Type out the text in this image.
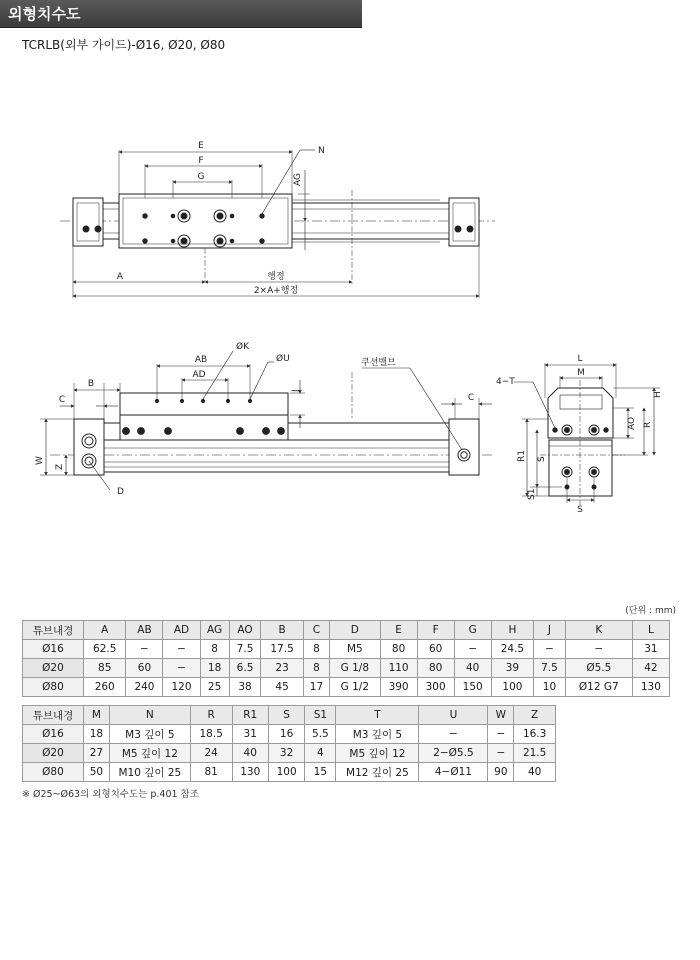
외형치수도
TCRLB(외부 가이드)-Ø16, Ø20, Ø80
E
F
G
N
AG
A	행정
2×A+행정
AB
AD
ØK
ØU
B
C	C
J
W
Z
D
쿠션밸브	L
M
4−T
H
AO R
R1 S
S1
S
(단위 : mm)
튜브내경	A	AB	AD	AG	AO	B	C	D	E	F	G	H	J	K	L
Ø16	62.5	−	−	8	7.5	17.5	8	M5	80	60	−	24.5	−	−	31
Ø20	85	60	−	18	6.5	23	8	G 1/8	110	80	40	39	7.5	Ø5.5	42
Ø80	260	240	120	25	38	45	17	G 1/2	390	300	150	100	10	Ø12 G7	130
튜브내경	M	N	R	R1	S	S1	T	U	W	Z
Ø16	18	M3 깊이 5	18.5	31	16	5.5	M3 깊이 5	−	−	16.3
Ø20	27	M5 깊이 12	24	40	32	4	M5 깊이 12	2−Ø5.5	−	21.5
Ø80	50	M10 깊이 25	81	130	100	15	M12 깊이 25	4−Ø11	90	40
※ Ø25~Ø63의 외형치수도는 p.401 참조
